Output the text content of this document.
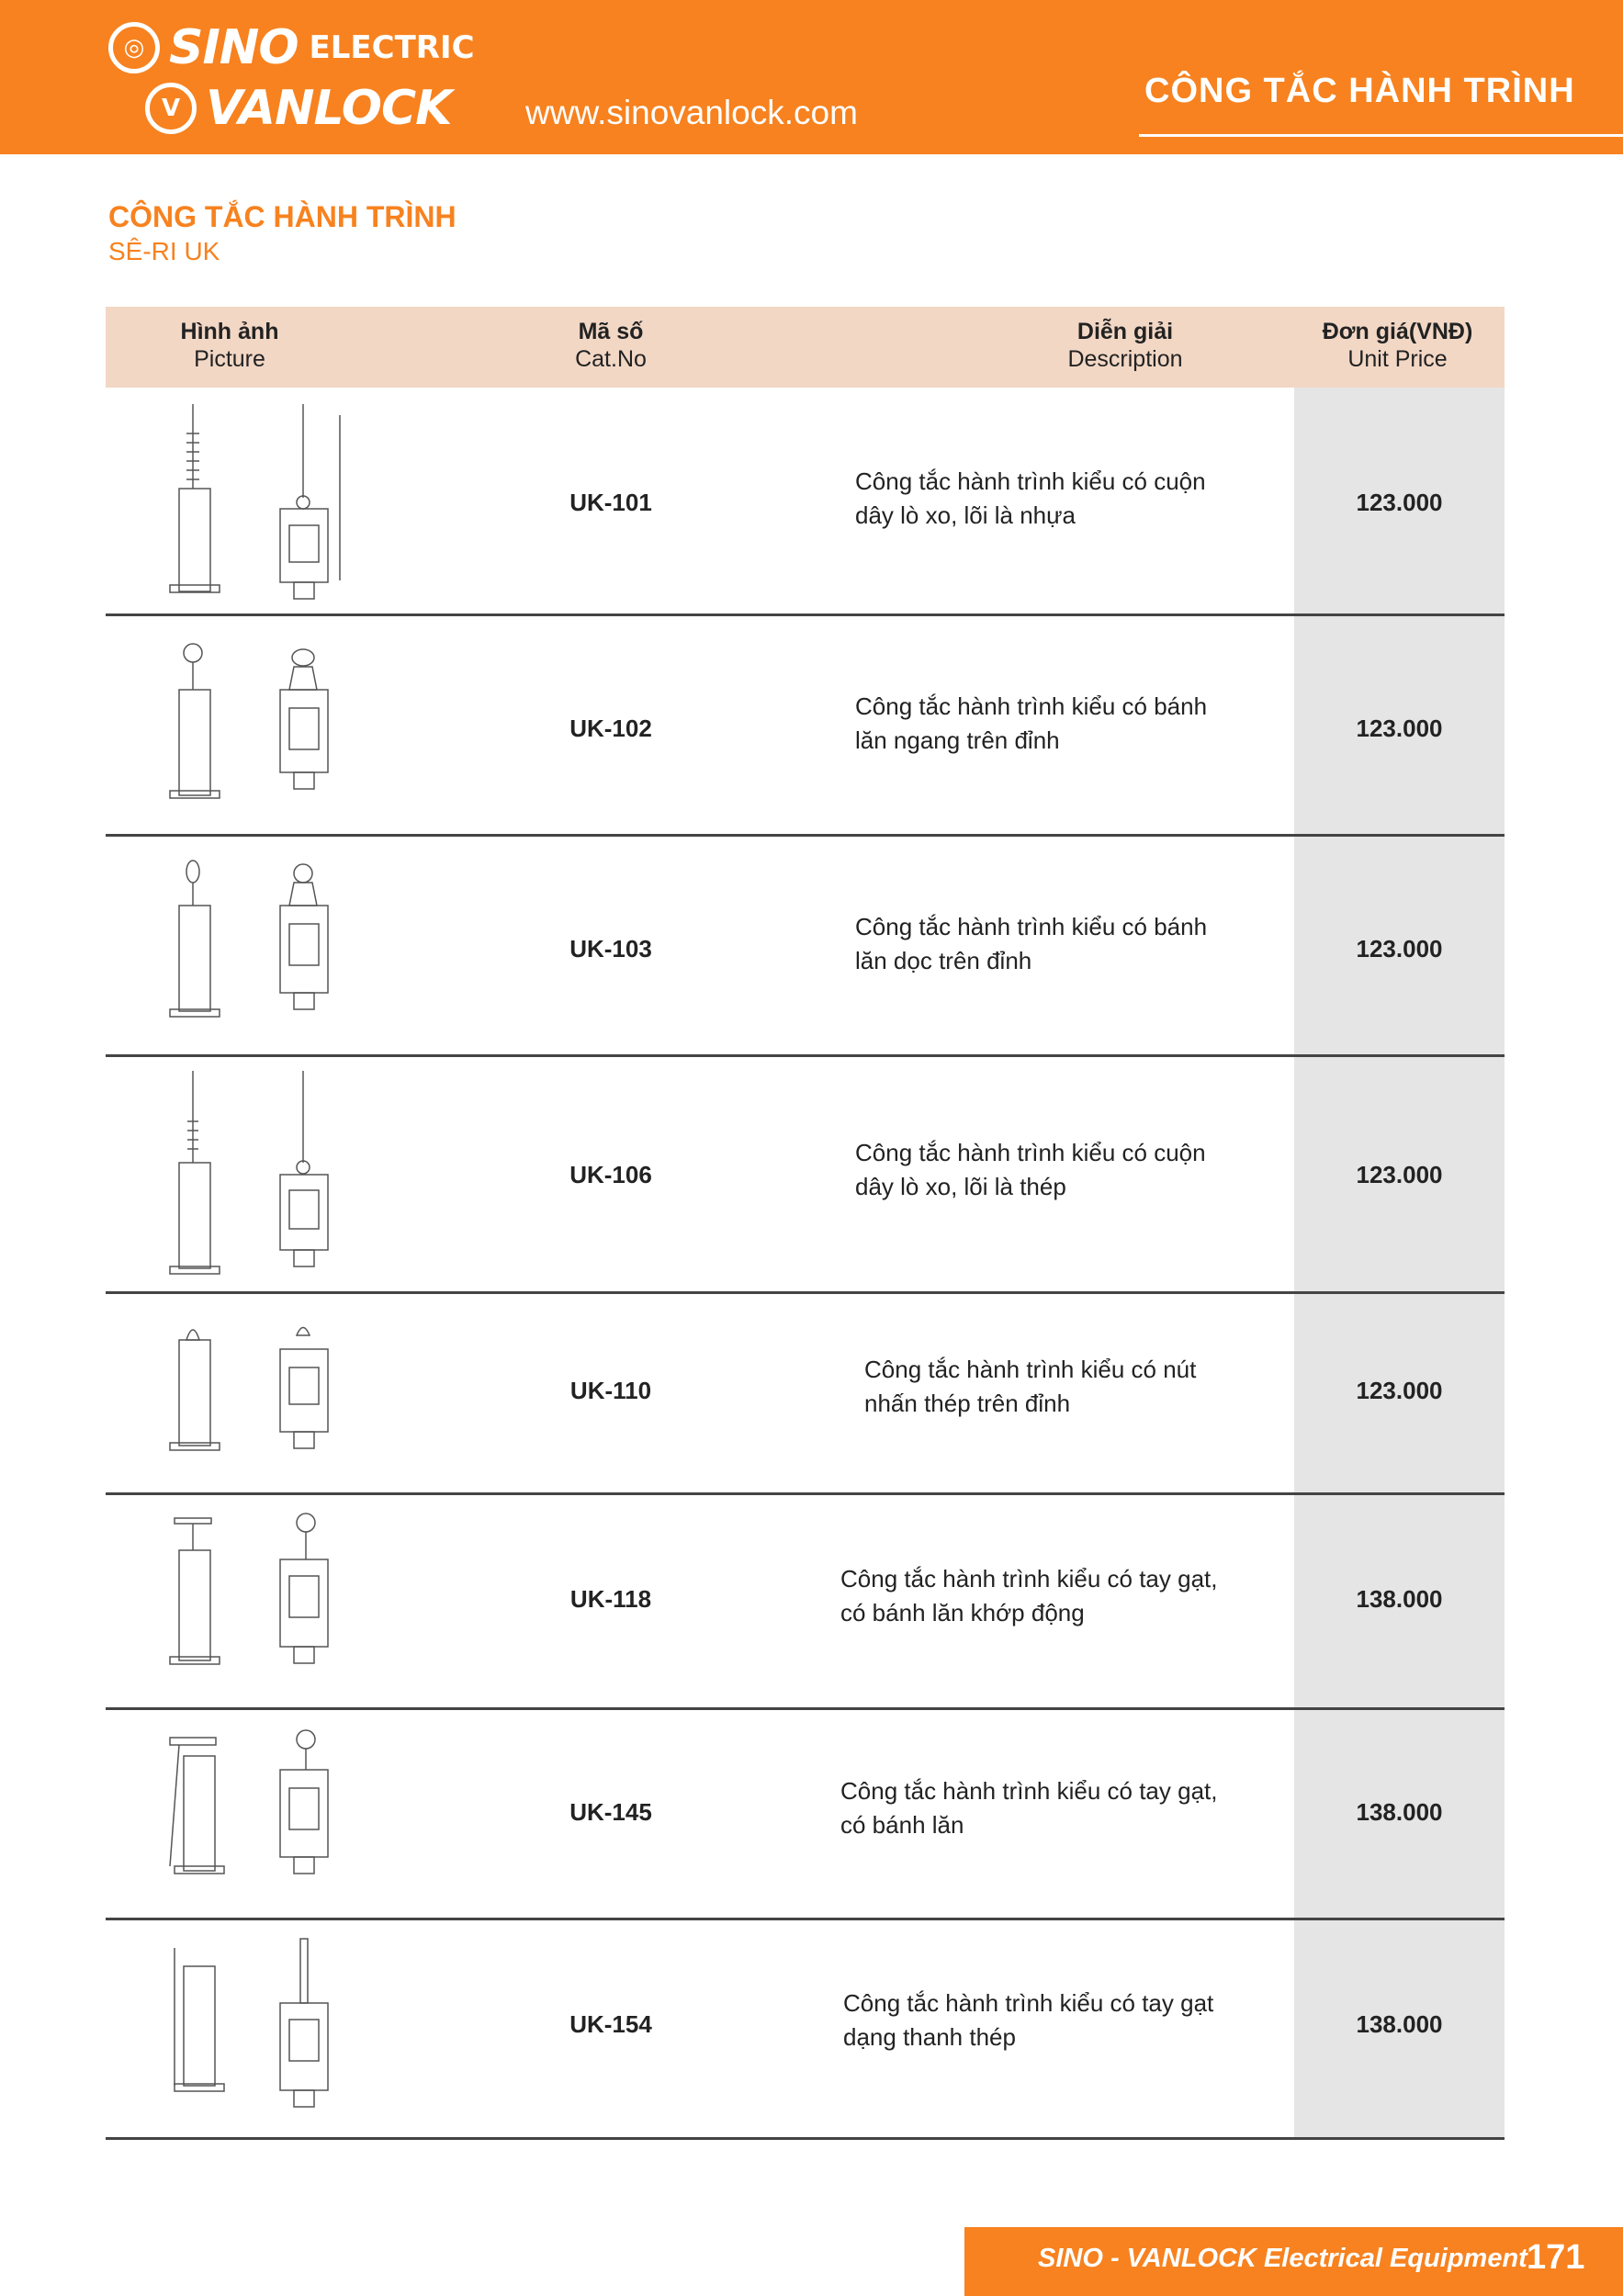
◎ SINO ELECTRIC
V VANLOCK www.sinovanlock.com
CÔNG TẮC HÀNH TRÌNH
CÔNG TẮC HÀNH TRÌNH
SÊ-RI UK
Hình ảnh
Picture
Mã số
Cat.No
Diễn giải
Description
Đơn giá(VNĐ)
Unit Price
UK-101
Công tắc hành trình kiểu có cuộn
dây lò xo, lõi là nhựa	123.000
UK-102
Công tắc hành trình kiểu có bánh
lăn ngang trên đỉnh	123.000
UK-103
Công tắc hành trình kiểu có bánh
lăn dọc trên đỉnh	123.000
UK-106
Công tắc hành trình kiểu có cuộn
dây lò xo, lõi là thép	123.000
UK-110
Công tắc hành trình kiểu có nút
nhấn thép trên đỉnh	123.000
UK-118
Công tắc hành trình kiểu có tay gạt,
có bánh lăn khớp động	138.000
UK-145
Công tắc hành trình kiểu có tay gạt,
có bánh lăn	138.000
UK-154
Công tắc hành trình kiểu có tay gạt
dạng thanh thép	138.000
SINO - VANLOCK Electrical Equipment 171
